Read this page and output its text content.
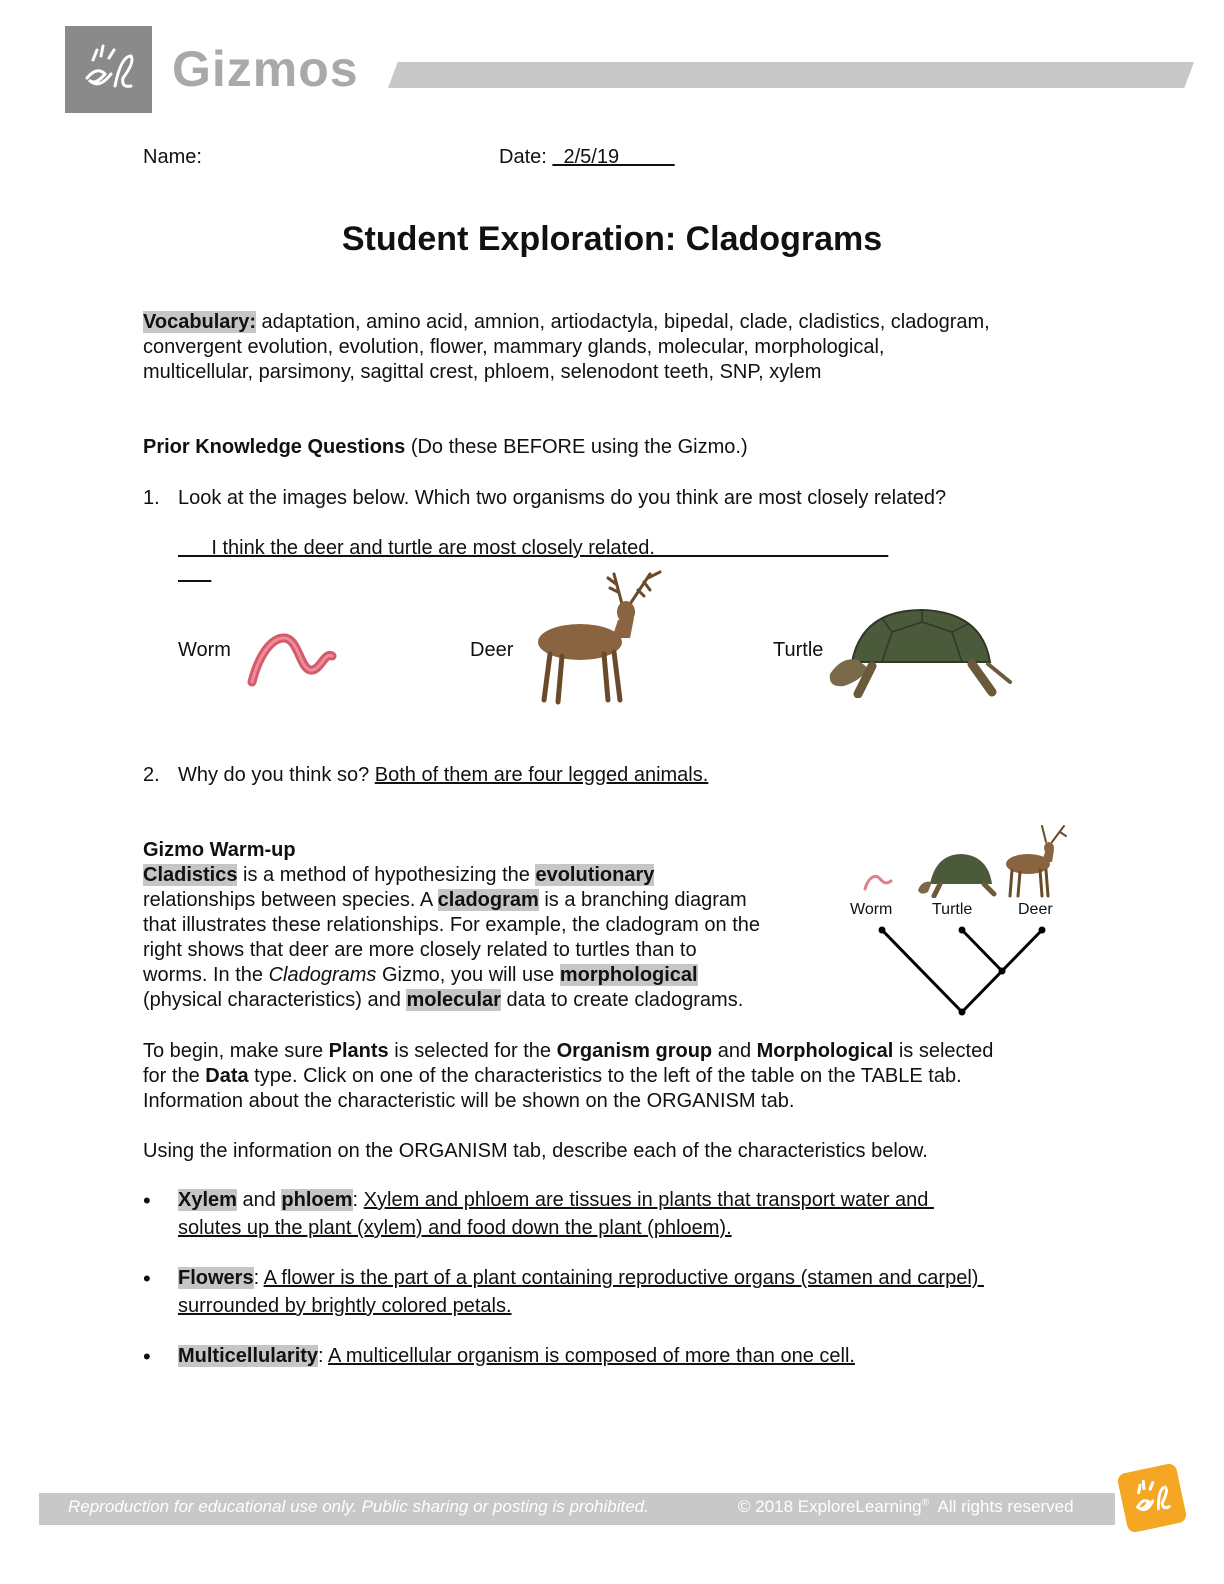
Gizmos
Name:	Date:   2/5/19
Student Exploration: Cladograms
Vocabulary: adaptation, amino acid, amnion, artiodactyla, bipedal, clade, cladistics, cladogram,
convergent evolution, evolution, flower, mammary glands, molecular, morphological,
multicellular, parsimony, sagittal crest, phloem, selenodont teeth, SNP, xylem
Prior Knowledge Questions (Do these BEFORE using the Gizmo.)
1. Look at the images below. Which two organisms do you think are most closely related?
I think the deer and turtle are most closely related.

Worm	Deer	Turtle
2. Why do you think so? Both of them are four legged animals.
Gizmo Warm-up
Cladistics is a method of hypothesizing the evolutionary
relationships between species. A cladogram is a branching diagram
that illustrates these relationships. For example, the cladogram on the
right shows that deer are more closely related to turtles than to
worms. In the Cladograms Gizmo, you will use morphological
(physical characteristics) and molecular data to create cladograms.
Worm Turtle	Deer
To begin, make sure Plants is selected for the Organism group and Morphological is selected
for the Data type. Click on one of the characteristics to the left of the table on the TABLE tab.
Information about the characteristic will be shown on the ORGANISM tab.
Using the information on the ORGANISM tab, describe each of the characteristics below.
• Xylem and phloem: Xylem and phloem are tissues in plants that transport water and
solutes up the plant (xylem) and food down the plant (phloem).
• Flowers: A flower is the part of a plant containing reproductive organs (stamen and carpel)
surrounded by brightly colored petals.
• Multicellularity: A multicellular organism is composed of more than one cell.
Reproduction for educational use only. Public sharing or posting is prohibited.	© 2018 ExploreLearning®  All rights reserved
